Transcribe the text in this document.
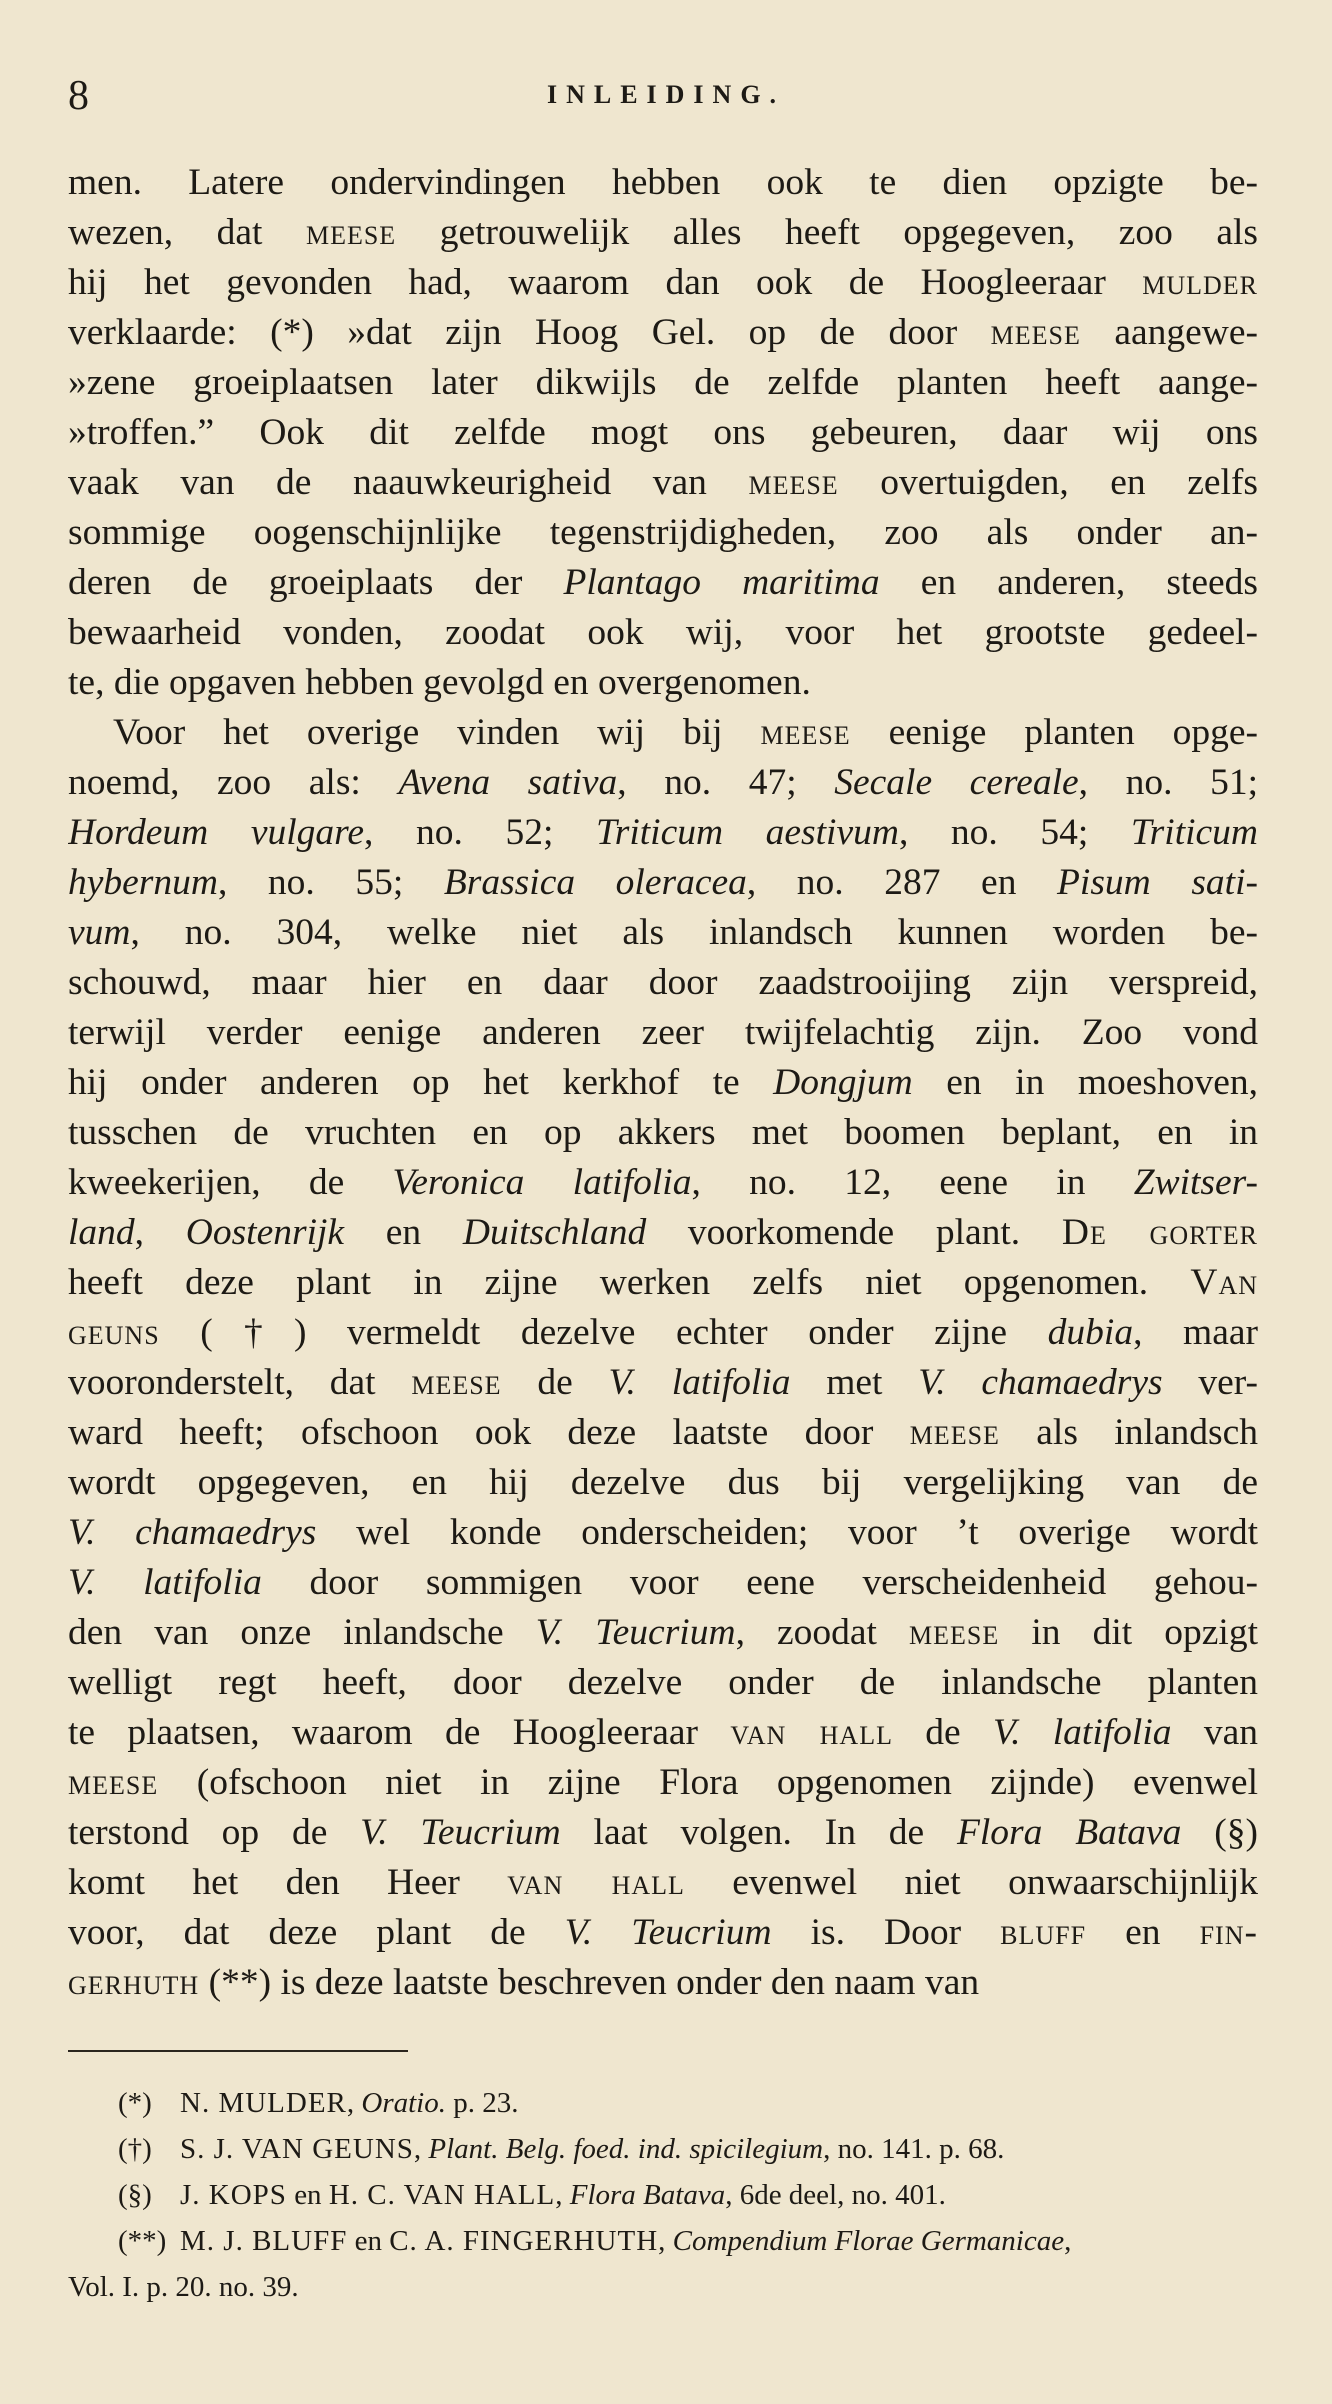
8	INLEIDING.
men. Latere ondervindingen hebben ook te dien opzigte be-
wezen, dat meese getrouwelijk alles heeft opgegeven, zoo als
hij het gevonden had, waarom dan ook de Hoogleeraar mulder
verklaarde: (*) »dat zijn Hoog Gel. op de door meese aangewe-
»zene groeiplaatsen later dikwijls de zelfde planten heeft aange-
»troffen.” Ook dit zelfde mogt ons gebeuren, daar wij ons
vaak van de naauwkeurigheid van meese overtuigden, en zelfs
sommige oogenschijnlijke tegenstrijdigheden, zoo als onder an-
deren de groeiplaats der Plantago maritima en anderen, steeds
bewaarheid vonden, zoodat ook wij, voor het grootste gedeel-
te, die opgaven hebben gevolgd en overgenomen.
Voor het overige vinden wij bij meese eenige planten opge-
noemd, zoo als: Avena sativa, no. 47; Secale cereale, no. 51;
Hordeum vulgare, no. 52; Triticum aestivum, no. 54; Triticum
hybernum, no. 55; Brassica oleracea, no. 287 en Pisum sati-
vum, no. 304, welke niet als inlandsch kunnen worden be-
schouwd, maar hier en daar door zaadstrooijing zijn verspreid,
terwijl verder eenige anderen zeer twijfelachtig zijn. Zoo vond
hij onder anderen op het kerkhof te Dongjum en in moeshoven,
tusschen de vruchten en op akkers met boomen beplant, en in
kweekerijen, de Veronica latifolia, no. 12, eene in Zwitser-
land, Oostenrijk en Duitschland voorkomende plant. De gorter
heeft deze plant in zijne werken zelfs niet opgenomen. Van
geuns (†) vermeldt dezelve echter onder zijne dubia, maar
vooronderstelt, dat meese de V. latifolia met V. chamaedrys ver-
ward heeft; ofschoon ook deze laatste door meese als inlandsch
wordt opgegeven, en hij dezelve dus bij vergelijking van de
V. chamaedrys wel konde onderscheiden; voor ’t overige wordt
V. latifolia door sommigen voor eene verscheidenheid gehou-
den van onze inlandsche V. Teucrium, zoodat meese in dit opzigt
welligt regt heeft, door dezelve onder de inlandsche planten
te plaatsen, waarom de Hoogleeraar van hall de V. latifolia van
meese (ofschoon niet in zijne Flora opgenomen zijnde) evenwel
terstond op de V. Teucrium laat volgen. In de Flora Batava (§)
komt het den Heer van hall evenwel niet onwaarschijnlijk
voor, dat deze plant de V. Teucrium is. Door bluff en fin-
gerhuth (**) is deze laatste beschreven onder den naam van
(*) N. MULDER, Oratio. p. 23.
(†) S. J. VAN GEUNS, Plant. Belg. foed. ind. spicilegium, no. 141. p. 68.
(§) J. KOPS en H. C. VAN HALL, Flora Batava, 6de deel, no. 401.
(**) M. J. BLUFF en C. A. FINGERHUTH, Compendium Florae Germanicae,
Vol. I. p. 20. no. 39.
